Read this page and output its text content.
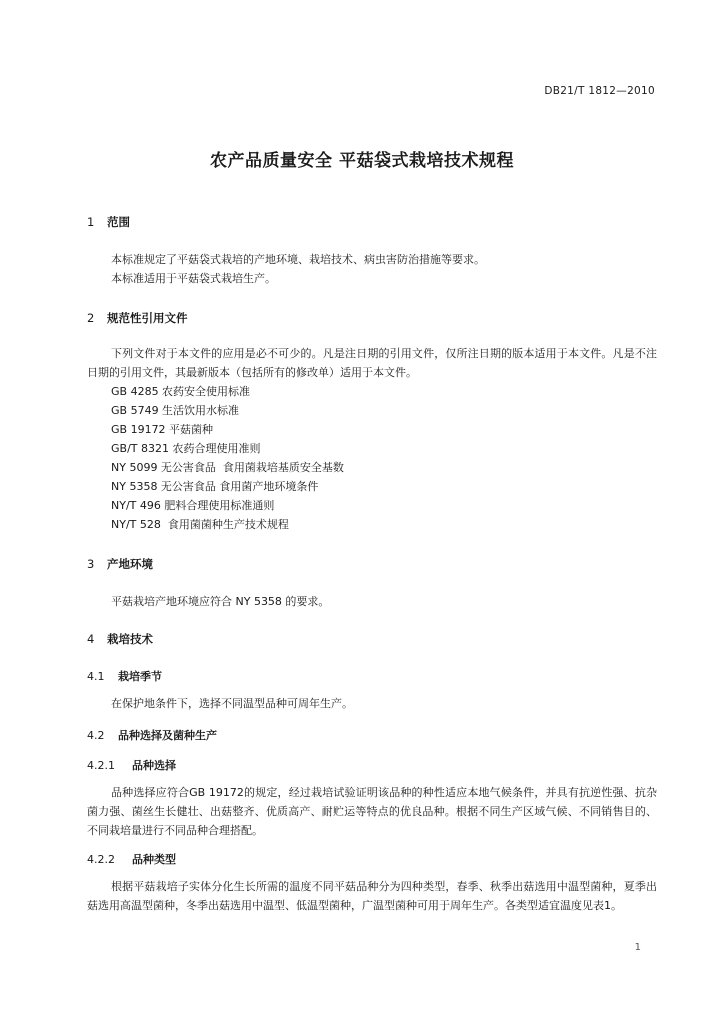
DB21/T 1812—2010
农产品质量安全 平菇袋式栽培技术规程
1 范围
本标准规定了平菇袋式栽培的产地环境、栽培技术、病虫害防治措施等要求。
本标准适用于平菇袋式栽培生产。
2 规范性引用文件
下列文件对于本文件的应用是必不可少的。凡是注日期的引用文件，仅所注日期的版本适用于本文件。凡是不注日期的引用文件，其最新版本（包括所有的修改单）适用于本文件。
GB 4285 农药安全使用标准
GB 5749 生活饮用水标准
GB 19172 平菇菌种
GB/T 8321 农药合理使用准则
NY 5099 无公害食品  食用菌栽培基质安全基数
NY 5358 无公害食品 食用菌产地环境条件
NY/T 496 肥料合理使用标准通则
NY/T 528  食用菌菌种生产技术规程
3 产地环境
平菇栽培产地环境应符合 NY 5358 的要求。
4 栽培技术
4.1 栽培季节
在保护地条件下，选择不同温型品种可周年生产。
4.2 品种选择及菌种生产
4.2.1 品种选择
品种选择应符合GB 19172的规定，经过栽培试验证明该品种的种性适应本地气候条件，并具有抗逆性强、抗杂菌力强、菌丝生长健壮、出菇整齐、优质高产、耐贮运等特点的优良品种。根据不同生产区域气候、不同销售目的、不同栽培量进行不同品种合理搭配。
4.2.2 品种类型
根据平菇栽培子实体分化生长所需的温度不同平菇品种分为四种类型，春季、秋季出菇选用中温型菌种，夏季出菇选用高温型菌种，冬季出菇选用中温型、低温型菌种，广温型菌种可用于周年生产。各类型适宜温度见表1。
1
